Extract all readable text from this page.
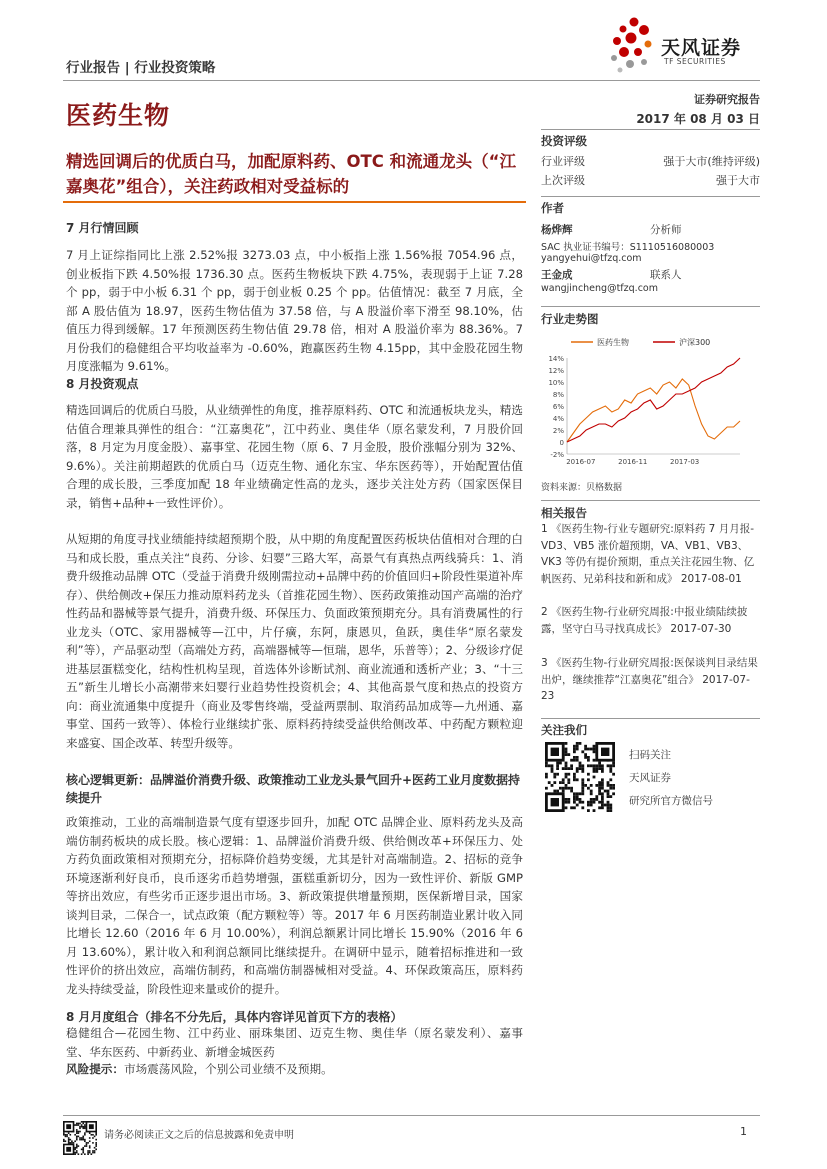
行业报告 | 行业投资策略
医药生物
天风证券
TF SECURITIES
证券研究报告
2017 年 08 月 03 日
精选回调后的优质白马，加配原料药、OTC 和流通龙头（“江嘉奥花”组合），关注药政相对受益标的
7 月行情回顾
7 月上证综指同比上涨 2.52%报 3273.03 点，中小板指上涨 1.56%报 7054.96 点，创业板指下跌 4.50%报 1736.30 点。医药生物板块下跌 4.75%，表现弱于上证 7.28 个 pp，弱于中小板 6.31 个 pp，弱于创业板 0.25 个 pp。估值情况：截至 7 月底，全部 A 股估值为 18.97，医药生物估值为 37.58 倍，与 A 股溢价率下滑至 98.10%，估值压力得到缓解。17 年预测医药生物估值 29.78 倍，相对 A 股溢价率为 88.36%。7 月份我们的稳健组合平均收益率为 -0.60%，跑赢医药生物 4.15pp，其中金股花园生物月度涨幅为 9.61%。
8 月投资观点
精选回调后的优质白马股，从业绩弹性的角度，推荐原料药、OTC 和流通板块龙头，精选估值合理兼具弹性的组合：“江嘉奥花”，江中药业、奥佳华（原名蒙发利，7 月股价回落，8 月定为月度金股）、嘉事堂、花园生物（原 6、7 月金股，股价涨幅分别为 32%、9.6%）。关注前期超跌的优质白马（迈克生物、通化东宝、华东医药等），开始配置估值合理的成长股，三季度加配 18 年业绩确定性高的龙头，逐步关注处方药（国家医保目录，销售+品种+一致性评价）。
从短期的角度寻找业绩能持续超预期个股，从中期的角度配置医药板块估值相对合理的白马和成长股，重点关注“良药、分诊、妇婴”三路大军，高景气有真热点两线骑兵：1、消费升级推动品牌 OTC（受益于消费升级刚需拉动+品牌中药的价值回归+阶段性渠道补库存）、供给侧改+保压力推动原料药龙头（首推花园生物）、医药政策推动国产高端的治疗性药品和器械等景气提升，消费升级、环保压力、负面政策预期充分。具有消费属性的行业龙头（OTC、家用器械等—江中，片仔癀，东阿，康恩贝，鱼跃，奥佳华“原名蒙发利”等），产品驱动型（高端处方药，高端器械等—恒瑞，恩华，乐普等）；2、分级诊疗促进基层蛋糕变化，结构性机构呈现，首选体外诊断试剂、商业流通和透析产业；3、“十三五”新生儿增长小高潮带来妇婴行业趋势性投资机会；4、其他高景气度和热点的投资方向：商业流通集中度提升（商业及零售终端，受益两票制、取消药品加成等—九州通、嘉事堂、国药一致等）、体检行业继续扩张、原料药持续受益供给侧改革、中药配方颗粒迎来盛宴、国企改革、转型升级等。
核心逻辑更新：品牌溢价消费升级、政策推动工业龙头景气回升+医药工业月度数据持续提升
政策推动，工业的高端制造景气度有望逐步回升，加配 OTC 品牌企业、原料药龙头及高端仿制药板块的成长股。核心逻辑：1、品牌溢价消费升级、供给侧改革+环保压力、处方药负面政策相对预期充分，招标降价趋势变缓，尤其是针对高端制造。2、招标的竞争环境逐渐利好良币，良币逐劣币趋势增强，蛋糕重新切分，因为一致性评价、新版 GMP 等挤出效应，有些劣币正逐步退出市场。3、新政策提供增量预期，医保新增目录，国家谈判目录，二保合一，试点政策（配方颗粒等）等。2017 年 6 月医药制造业累计收入同比增长 12.60（2016 年 6 月 10.00%），利润总额累计同比增长 15.90%（2016 年 6 月 13.60%），累计收入和利润总额同比继续提升。在调研中显示，随着招标推进和一致性评价的挤出效应，高端仿制药，和高端仿制器械相对受益。4、环保政策高压，原料药龙头持续受益，阶段性迎来量或价的提升。
8 月月度组合（排名不分先后，具体内容详见首页下方的表格）
稳健组合—花园生物、江中药业、丽珠集团、迈克生物、奥佳华（原名蒙发利）、嘉事堂、华东医药、中新药业、新增金城医药
风险提示：市场震荡风险，个别公司业绩不及预期。
投资评级
行业评级	强于大市(维持评级)
上次评级	强于大市
作者
杨烨辉	分析师
SAC 执业证书编号：S1110516080003
yangyehui@tfzq.com
王金成	联系人
wangjincheng@tfzq.com
行业走势图
14%
12%
10%
8%
6%
4%
2%
0
-2%
2016-07	2016-11	2017-03
医药生物	沪深300
资料来源：贝格数据
相关报告
1 《医药生物-行业专题研究:原料药 7 月月报-VD3、VB5 涨价超预期，VA、VB1、VB3、VK3 等仍有提价预期，重点关注花园生物、亿帆医药、兄弟科技和新和成》 2017-08-01
2 《医药生物-行业研究周报:中报业绩陆续披露，坚守白马寻找真成长》 2017-07-30
3 《医药生物-行业研究周报:医保谈判目录结果出炉，继续推荐“江嘉奥花”组合》 2017-07-23
关注我们
扫码关注
天风证券
研究所官方微信号
请务必阅读正文之后的信息披露和免责申明	1
